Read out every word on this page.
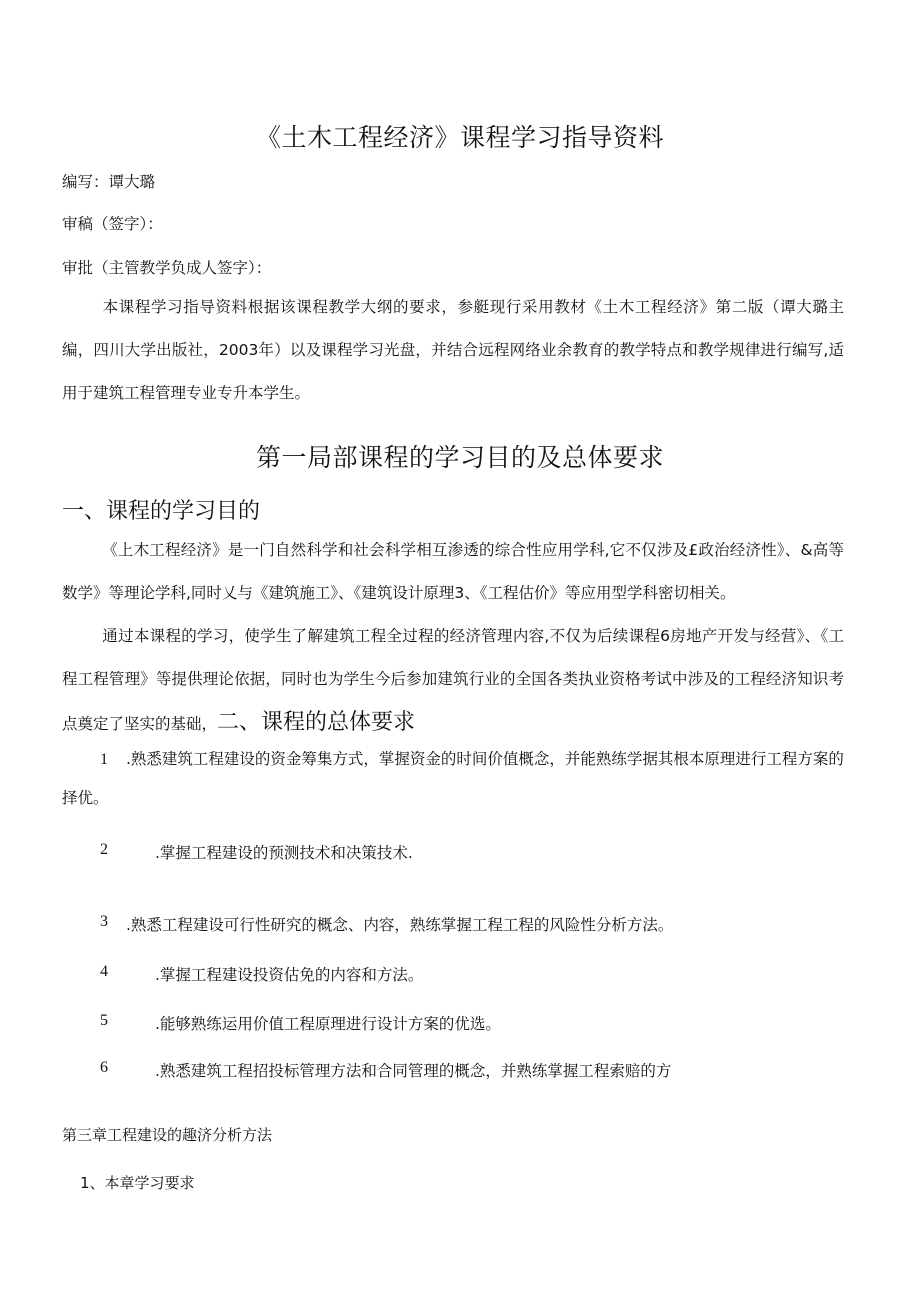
《土木工程经济》课程学习指导资料
编写：谭大璐
审稿（签字）：
审批（主管教学负成人签字）：
本课程学习指导资料根据该课程教学大纲的要求，参艇现行采用教材《土木工程经济》第二版（谭大璐主编，四川大学出版社，2003年）以及课程学习光盘，并结合远程网络业余教育的教学特点和教学规律进行编写,适用于建筑工程管理专业专升本学生。
第一局部课程的学习目的及总体要求
一、课程的学习目的
《上木工程经济》是一门自然科学和社会科学相互渗透的综合性应用学科,它不仅涉及£政治经济性》、&高等数学》等理论学科,同时乂与《建筑施工》、《建筑设计原理3、《工程估价》等应用型学科密切相关。
通过本课程的学习，使学生了解建筑工程全过程的经济管理内容,不仅为后续课程6房地产开发与经营》、《工程工程管理》等提供理论依据，同时也为学生今后参加建筑行业的全国各类执业资格考试中涉及的工程经济知识考点奠定了坚实的基础，二、课程的总体要求
1 .熟悉建筑工程建设的资金筹集方式，掌握资金的时间价值概念，并能熟练学据其根本原理进行工程方案的择优。
2	.掌握工程建设的预测技术和决策技术.
3 .熟悉工程建设可行性研究的概念、内容，熟练掌握工程工程的风险性分析方法。
4	.掌握工程建设投资估免的内容和方法。
5	.能够熟练运用价值工程原理进行设计方案的优选。
6	.熟悉建筑工程招投标管理方法和合同管理的概念，并熟练掌握工程索赔的方
第三章工程建设的趣济分析方法
1、本章学习要求
